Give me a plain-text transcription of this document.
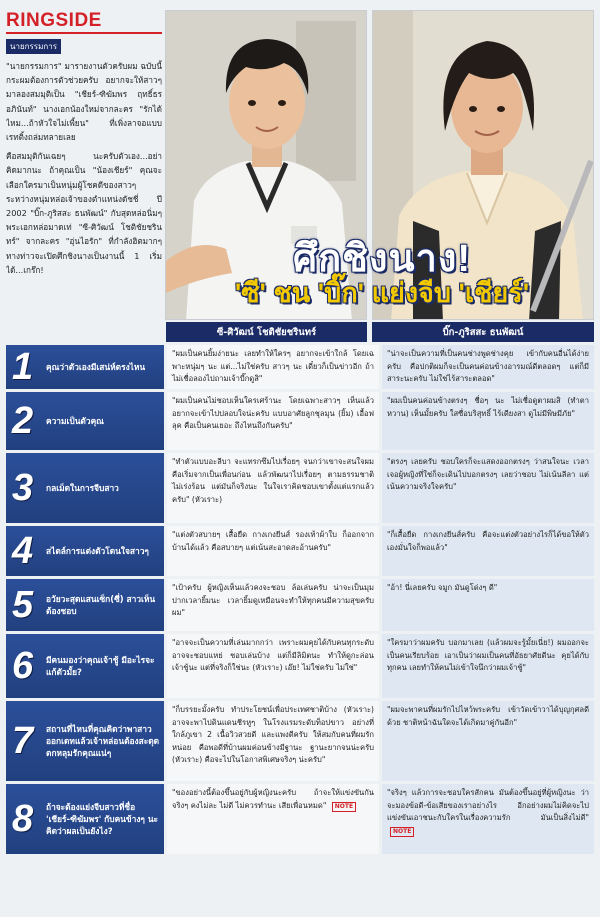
RINGSIDE
นายกรรมการ

"นายกรรมการ" มารายงานตัวครับผม ฉบับนี้กระผมต้องการตัวช่วยครับ อยากจะให้สาวๆ มาลองสมมุติเป็น "เชียร์-ฑิฆัมพร ฤทธิ์ธรอภินันท์" นางเอกน้องใหม่จากละคร "รักได้ไหม...ถ้าหัวใจไม่เพี้ยน" ที่เพิ่งลาจอแบบเรทติ้งถล่มทลายเลย

คือสมมุติกันเฉยๆ นะครับตัวเอง...อย่าคิดมากนะ ถ้าคุณเป็น "น้องเชียร์" คุณจะเลือกใครมาเป็นหนุ่มผู้โชคดีของสาวๆ ระหว่างหนุ่มหล่อเจ้าของตำแหน่งดัชชี่ ปี 2002 "บิ๊ก-ภูริสสะ ธนพัฒน์" กับสุดหล่อนิ่มๆ พระเอกหล่อมาดเท่ "ซี-ศิวัฒน์ โชติชัยชรินทร์" จากละคร "อุ่นไอรัก" ที่กำลังฮิตมากๆ ทางท่าวจะเปิดศึกชิงนางเป็นงานนี้ 1 เริ่มได้...เกร๊ก!	ศึกชิงนาง!
'ซี' ชน 'บิ๊ก' แย่งจีบ 'เชียร์'
ซี-ศิวัฒน์ โชติชัยชรินทร์	บิ๊ก-ภูริสสะ ธนพัฒน์
1	คุณว่าตัวเองมีเสน่ห์ตรงไหน
"ผมเป็นคนยิ้มง่ายนะ เลยทำให้ใครๆ อยากจะเข้าใกล้ โดยเฉพาะหนุ่มๆ นะ แต่...ไม่ใช่ครับ สาวๆ นะ เดี๋ยวก็เป็นข่าวอีก ถ้าไม่เชื่อลองไปถามเจ้าบี๊กดูสิ"
"น่าจะเป็นความที่เป็นคนช่างพูดช่างคุย เข้ากับคนอื่นได้ง่ายครับ คือปกติผมก็จะเป็นคนค่อนข้างอารมณ์ดีตลอดๆ แต่ก็มีสาระนะครับ ไม่ใช่ไร้สาระตลอด"
2	ความเป็นตัวคุณ
"ผมเป็นคนไม่ชอบเห็นใครเศร้านะ โดยเฉพาะสาวๆ เห็นแล้วอยากจะเข้าไปปลอบใจน่ะครับ แบบอาศัยลูกชุลมุน (ยิ้ม) เอื้อฟลุค คือเป็นคนเยอะ ถึงไหนถึงกันครับ"
"ผมเป็นคนค่อนข้างตรงๆ ชื่อๆ นะ ไม่เชื่อดูตาผมสิ (ทำตาหวาน) เห็นมั้ยครับ ใสซื่อบริสุทธิ์ ไร้เดียงสา ดูไม่มีพิษมีภัย"
3	กลเม็ดในการจีบสาว
"ทำตัวแบบอะลีบา จะแทรกซึมไปเรื่อยๆ จนกว่าเขาจะสนใจผม คือเริ่มจากเป็นเพื่อนก่อน แล้วพัฒนาไปเรื่อยๆ ตามธรรมชาติ ไม่เร่งร้อน แต่มันก็จริงนะ ในใจเราคิดชอบเขาตั้งแต่แรกแล้วครับ" (หัวเราะ)
"ตรงๆ เลยครับ ชอบใครก็จะแสดงออกตรงๆ ว่าสนใจนะ เวลาเจอผู้หญิงที่ใช่ก็จะเดินไปบอกตรงๆ เลยว่าชอบ ไม่เน้นลีลา แต่เน้นความจริงใจครับ"
4	สไตล์การแต่งตัวโดนใจสาวๆ
"แต่งตัวสบายๆ เสื้อยืด กางเกงยีนส์ รองเท้าผ้าใบ ก็ออกจากบ้านได้แล้ว คือสบายๆ แต่เน้นสะอาดสะอ้านครับ"
"ก็เสื้อยืด กางเกงยีนส์ครับ คือจะแต่งตัวอย่างไรก็ได้ขอให้ตัวเองมั่นใจก็พอแล้ว"
5	อวัยวะสุดแสนเซ็ก(ซี่) สาวเห็นต้องชอบ
"เป้าครับ ผู้หญิงเห็นแล้วคงจะชอบ ล้อเล่นครับ น่าจะเป็นมุมปากเวลายิ้มนะ เวลายิ้มดูเหมือนจะทำให้ทุกคนมีความสุขครับผม"
"อ้า! นี่เลยครับ จมูก มันดูโด่งๆ ดี"
6	มีคนมองว่าคุณเจ้าชู้ มีอะไรจะแก้ตัวมั้ย?
"อาจจะเป็นความที่เล่นมากกว่า เพราะผมคุยได้กับคนทุกระดับ อาจจะชอบแหย่ ชอบเล่นบ้าง แต่ก็มีลิมิตนะ ทำให้ดูกะล่อน เจ้าชู้นะ แต่ที่จริงก็ใช่นะ (หัวเราะ) เอ๊ย! ไม่ใช่ครับ ไม่ใช่"
"ใครมาว่าผมครับ บอกมาเลย (แล้วผมจะรู้มั้ยเนี่ย!) ผมออกจะเป็นคนเรียบร้อย เอาเป็นว่าผมเป็นคนที่อัธยาศัยดีนะ คุยได้กับทุกคน เลยทำให้คนไม่เข้าใจนึกว่าผมเจ้าชู้"
7	สถานที่ไหนที่คุณคิดว่าพาสาวออกเดทแล้วเจ้าหล่อนต้องสะดุด ตกหลุมรักคุณแน่ๆ
"ก็บรรยะมั้งครับ ทำประโยชน์เพื่อประเทศชาติบ้าง (หัวเราะ) อาจจะพาไปดินแดนชีรหูๆ ในโรงแรมระดับท็อปขาว อย่างที่ใกล้ภูเขา 2 เนื้อวิวสวยดี และแพงดีครับ ให้สมกับคนที่ผมรักหน่อย คือพอดีที่บ้านผมค่อนข้างมีฐานะ ฐานะยากจนน่ะครับ (หัวเราะ) คือจะไปในโอกาสพิเศษจริงๆ น่ะครับ"
"ผมจะพาคนที่ผมรักไปไหว้พระครับ เข้าวัดเข้าวาได้บุญกุศลดีด้วย ชาติหน้าฉันใดจะได้เกิดมาคู่กันอีก"
8	ถ้าจะต้องแย่งจีบสาวที่ชื่อ 'เชียร์-ฑิฆัมพร' กับคนข้างๆ นะ คิดว่าผลเป็นยังไง?
"ของอย่างนี้ต้องขึ้นอยู่กับผู้หญิงนะครับ ถ้าจะให้แข่งขันกันจริงๆ คงไม่ละ ไม่ดี ไม่ควรทำนะ เสียเพื่อนหมด" NOTE
"จริงๆ แล้วการจะชอบใครสักคน มันต้องขึ้นอยู่ที่ผู้หญิงนะ ว่าจะมองข้อดี-ข้อเสียของเราอย่างไร อีกอย่างผมไม่คิดจะไปแข่งขันเอาชนะกับใครในเรื่องความรัก มันเป็นสิ่งไม่ดี" NOTE
